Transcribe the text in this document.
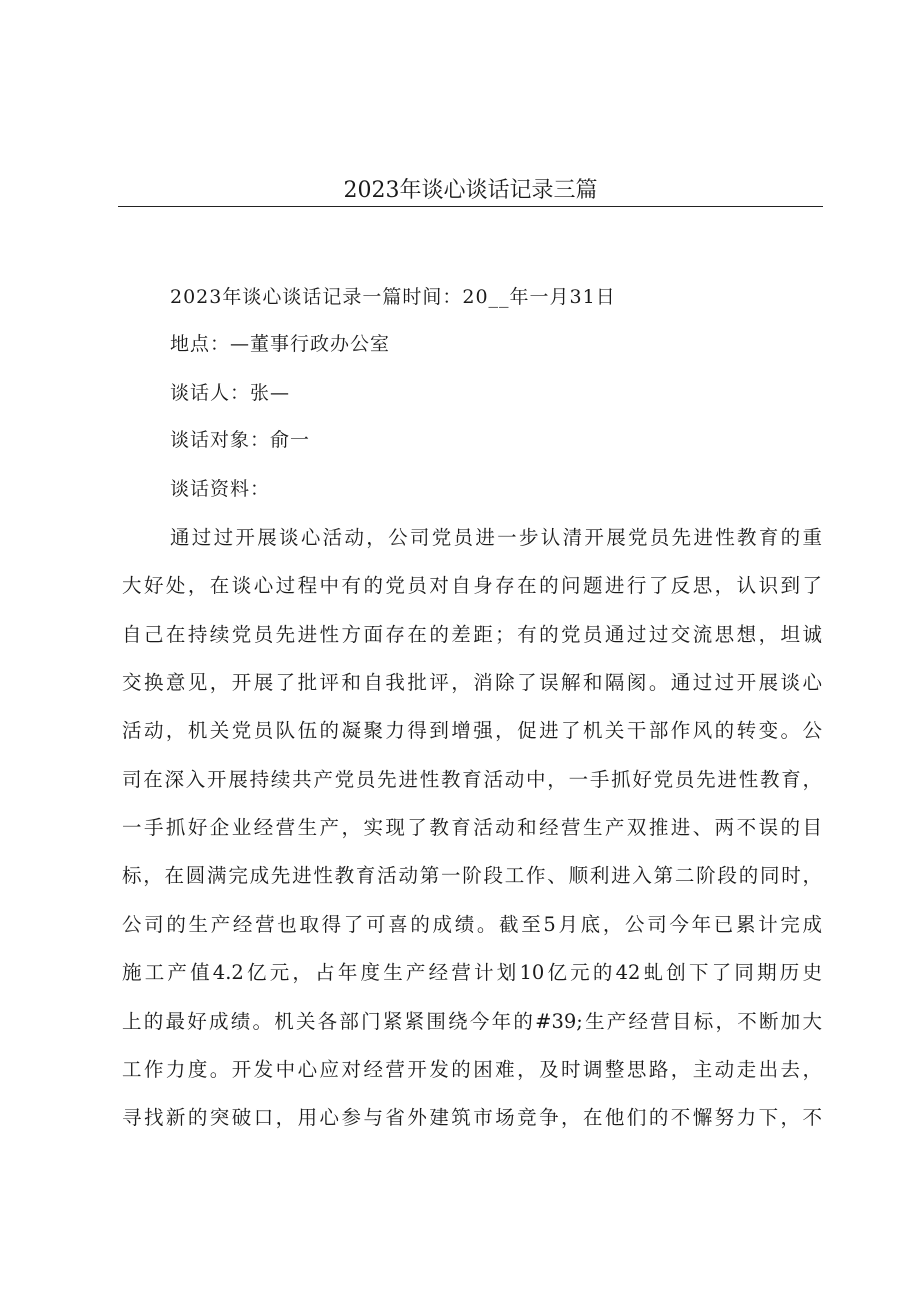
2023年谈心谈话记录三篇
2023年谈心谈话记录一篇时间：20__年一月31日
地点：—董事行政办公室
谈话人：张—
谈话对象：俞一
谈话资料：
通过过开展谈心活动，公司党员进一步认清开展党员先进性教育的重
大好处，在谈心过程中有的党员对自身存在的问题进行了反思，认识到了
自己在持续党员先进性方面存在的差距；有的党员通过过交流思想，坦诚
交换意见，开展了批评和自我批评，消除了误解和隔阂。通过过开展谈心
活动，机关党员队伍的凝聚力得到增强，促进了机关干部作风的转变。公
司在深入开展持续共产党员先进性教育活动中，一手抓好党员先进性教育，
一手抓好企业经营生产，实现了教育活动和经营生产双推进、两不误的目
标，在圆满完成先进性教育活动第一阶段工作、顺利进入第二阶段的同时，
公司的生产经营也取得了可喜的成绩。截至5月底，公司今年已累计完成
施工产值4.2亿元，占年度生产经营计划10亿元的42虬创下了同期历史
上的最好成绩。机关各部门紧紧围绕今年的#39;生产经营目标，不断加大
工作力度。开发中心应对经营开发的困难，及时调整思路，主动走出去，
寻找新的突破口，用心参与省外建筑市场竞争，在他们的不懈努力下，不
